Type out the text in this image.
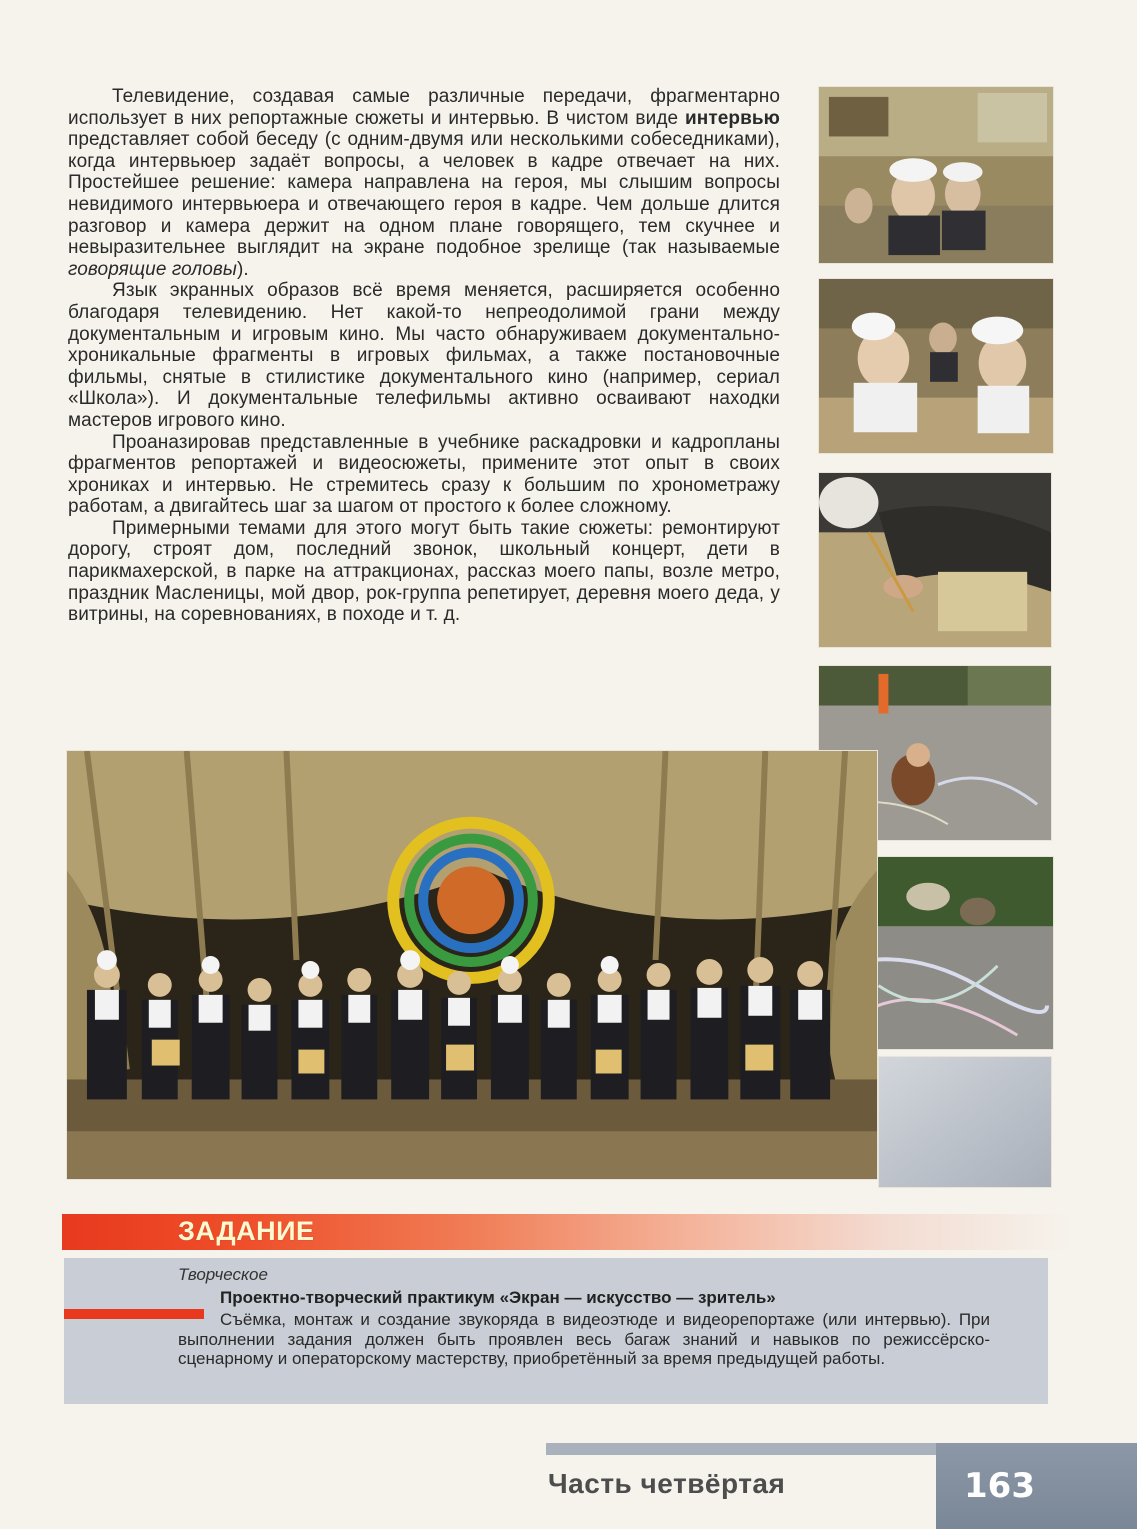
Телевидение, создавая самые различные передачи, фрагментарно использует в них репортажные сюжеты и интервью. В чистом виде интервью представляет собой беседу (с одним-двумя или несколькими собеседниками), когда интервьюер задаёт вопросы, а человек в кадре отвечает на них. Простейшее решение: камера направлена на героя, мы слышим вопросы невидимого интервьюера и отвечающего героя в кадре. Чем дольше длится разговор и камера держит на одном плане говорящего, тем скучнее и невыразительнее выглядит на экране подобное зрелище (так называемые говорящие головы).

Язык экранных образов всё время меняется, расширяется особенно благодаря телевидению. Нет какой-то непреодолимой грани между документальным и игровым кино. Мы часто обнаруживаем документально-хроникальные фрагменты в игровых фильмах, а также постановочные фильмы, снятые в стилистике документального кино (например, сериал «Школа»). И документальные телефильмы активно осваивают находки мастеров игрового кино.

Проаназировав представленные в учебнике раскадровки и кадропланы фрагментов репортажей и видеосюжеты, примените этот опыт в своих хрониках и интервью. Не стремитесь сразу к большим по хронометражу работам, а двигайтесь шаг за шагом от простого к более сложному.

Примерными темами для этого могут быть такие сюжеты: ремонтируют дорогу, строят дом, последний звонок, школьный концерт, дети в парикмахерской, в парке на аттракционах, рассказ моего папы, возле метро, праздник Масленицы, мой двор, рок-группа репетирует, деревня моего деда, у витрины, на соревнованиях, в походе и т. д.

ЗАДАНИЕ
Творческое
Проектно-творческий практикум «Экран — искусство — зритель»
Съёмка, монтаж и создание звукоряда в видеоэтюде и видеорепортаже (или интервью). При выполнении задания должен быть проявлен весь багаж знаний и навыков по режиссёрско-сценарному и операторскому мастерству, приобретённый за время предыдущей работы.
Часть четвёртая	163
